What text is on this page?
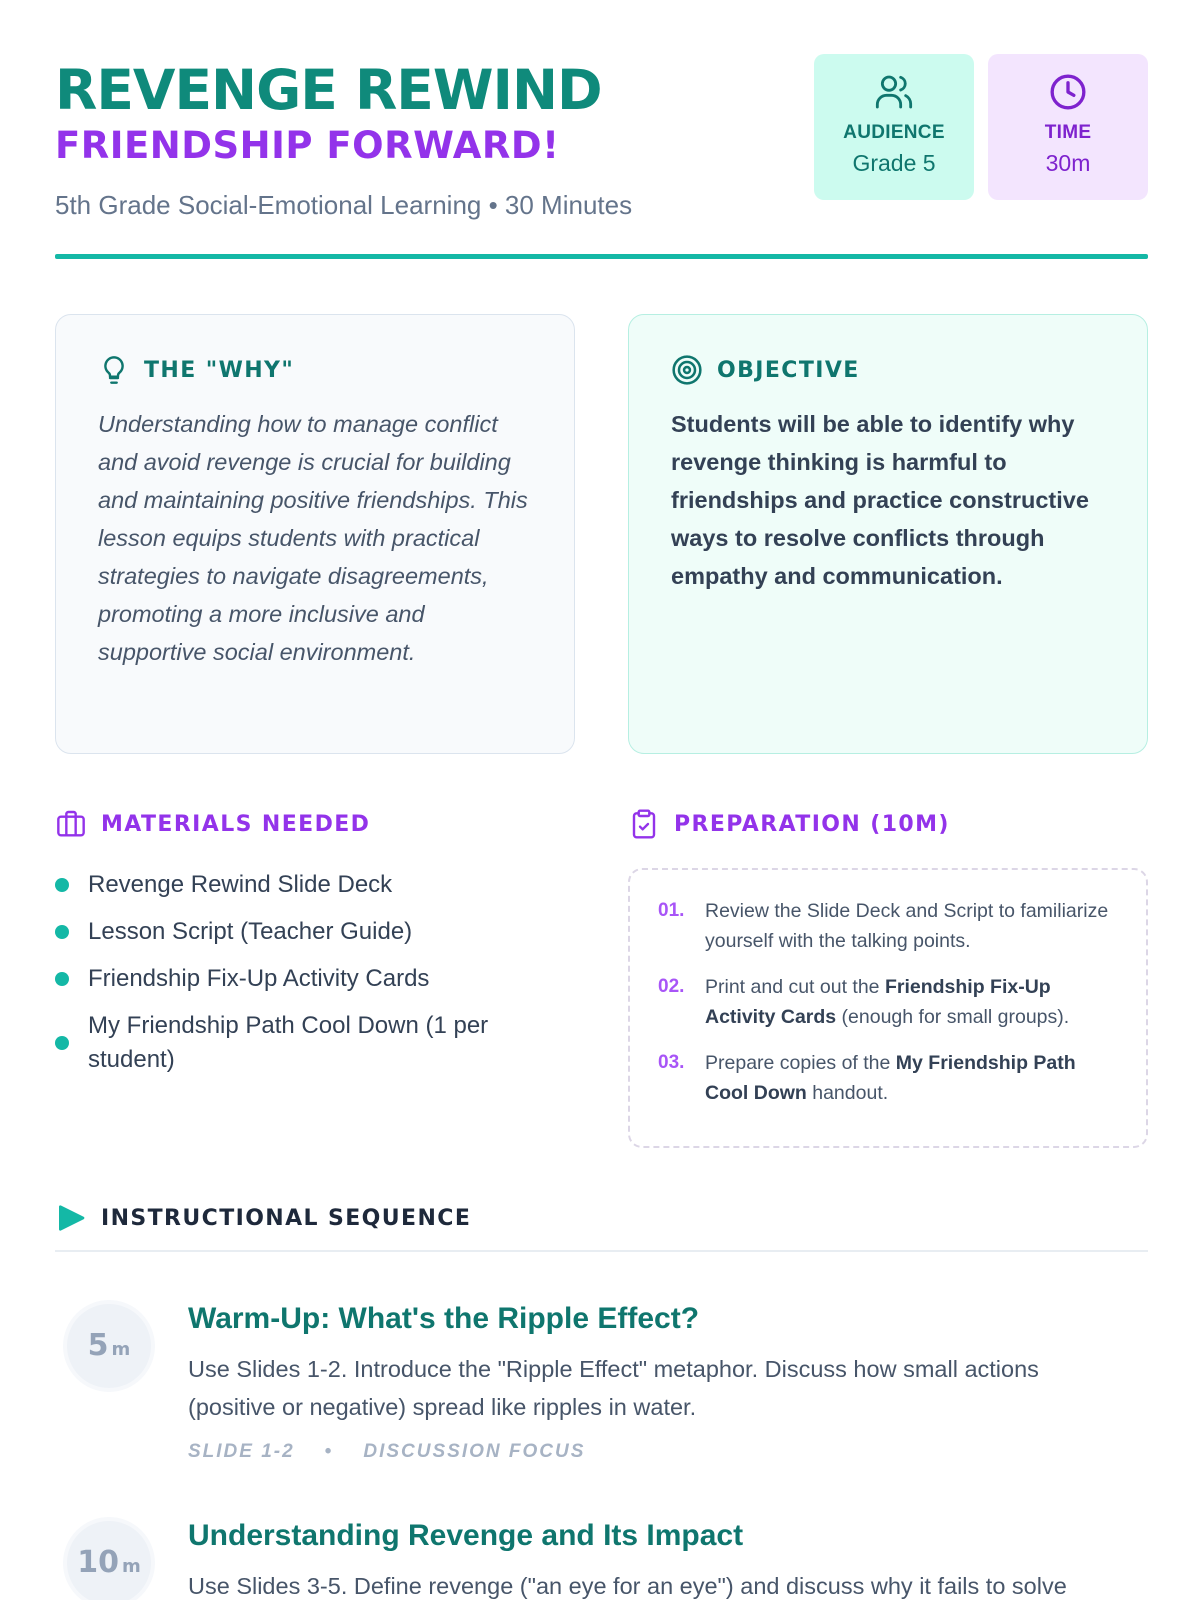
REVENGE REWIND
FRIENDSHIP FORWARD!
5th Grade Social-Emotional Learning • 30 Minutes
AUDIENCE
Grade 5
TIME
30m
THE "WHY"

Understanding how to manage conflict and avoid revenge is crucial for building and maintaining positive friendships. This lesson equips students with practical strategies to navigate disagreements, promoting a more inclusive and supportive social environment.

OBJECTIVE

Students will be able to identify why revenge thinking is harmful to friendships and practice constructive ways to resolve conflicts through empathy and communication.

MATERIALS NEEDED
Revenge Rewind Slide Deck
Lesson Script (Teacher Guide)
Friendship Fix-Up Activity Cards
My Friendship Path Cool Down (1 per student)
PREPARATION (10M)
01.	Review the Slide Deck and Script to familiarize yourself with the talking points.
02.	Print and cut out the Friendship Fix-Up Activity Cards (enough for small groups).
03.	Prepare copies of the My Friendship Path Cool Down handout.
INSTRUCTIONAL SEQUENCE
5 m
Warm-Up: What's the Ripple Effect?

Use Slides 1-2. Introduce the "Ripple Effect" metaphor. Discuss how small actions (positive or negative) spread like ripples in water.

SLIDE 1-2 • DISCUSSION FOCUS
10 m
Understanding Revenge and Its Impact

Use Slides 3-5. Define revenge ("an eye for an eye") and discuss why it fails to solve
